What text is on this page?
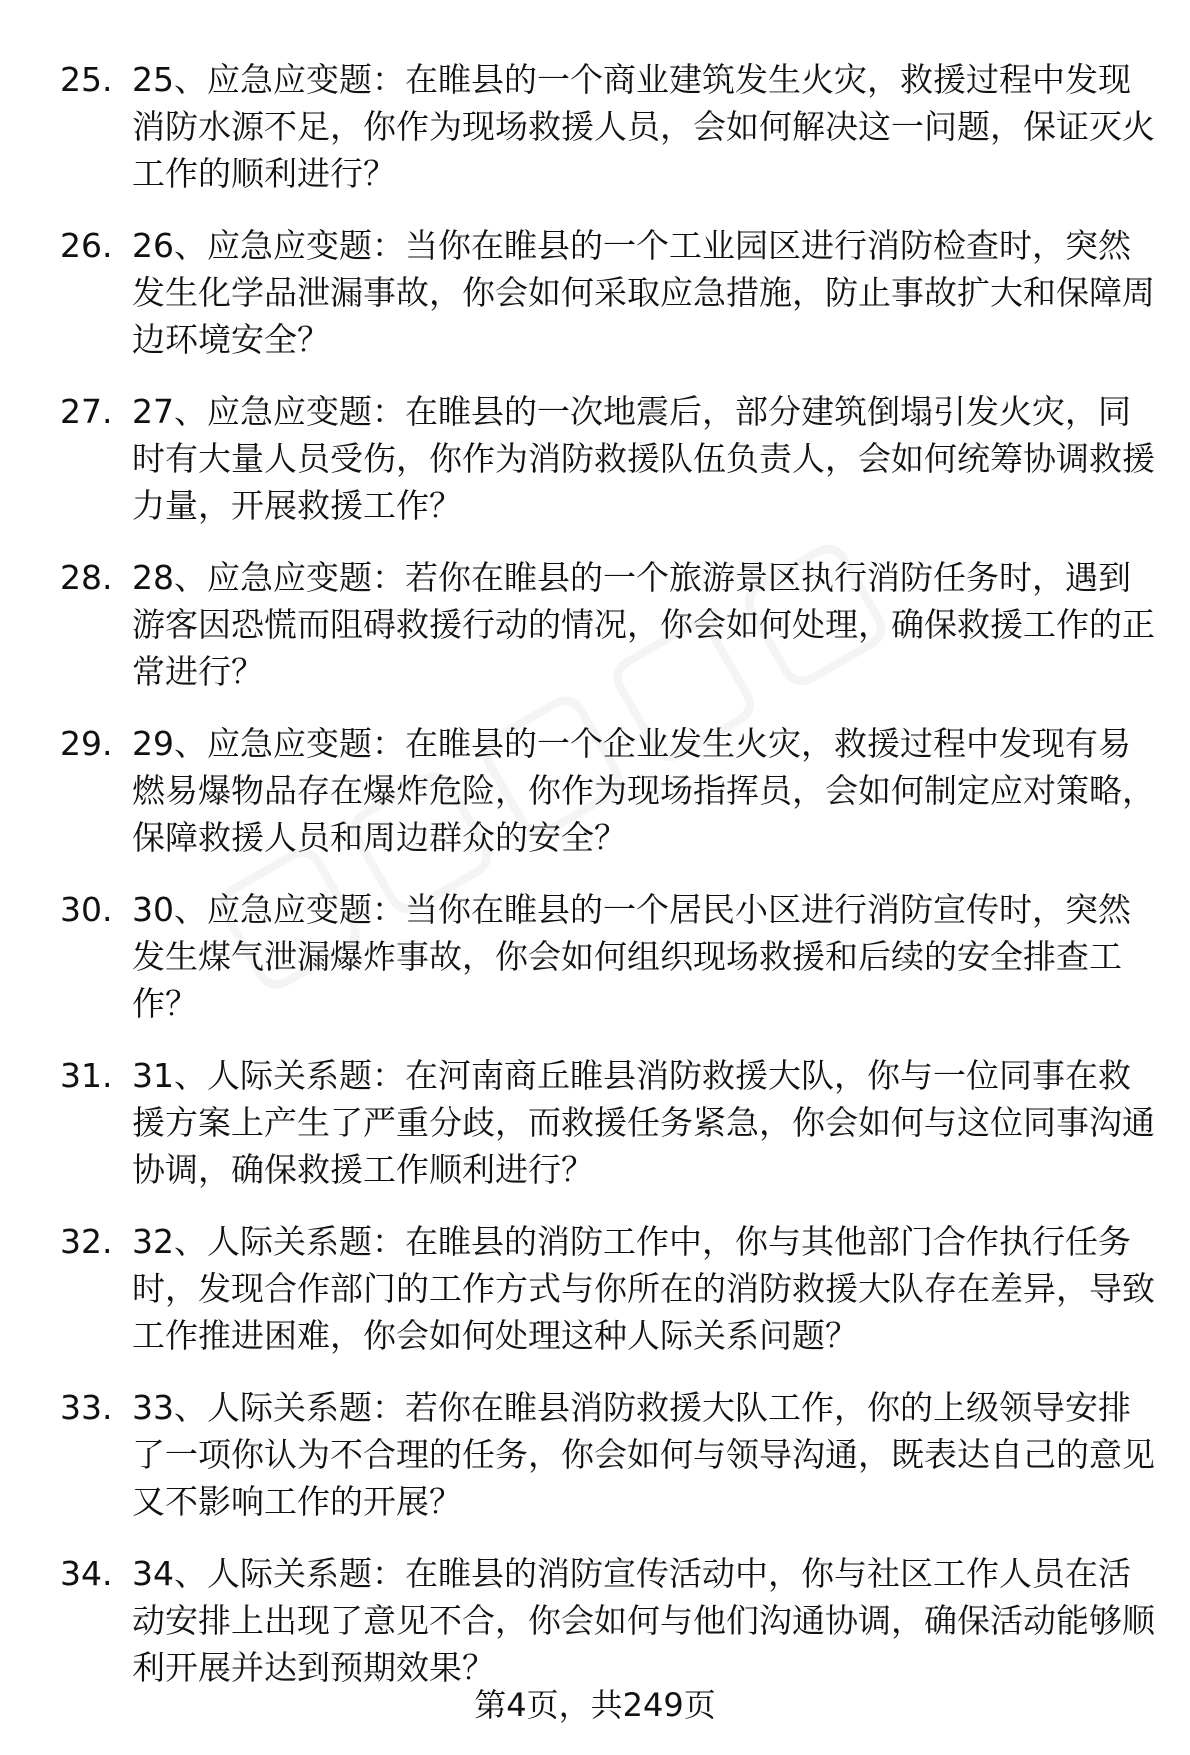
25. 25、应急应变题：在睢县的一个商业建筑发生火灾，救援过程中发现消防水源不足，你作为现场救援人员，会如何解决这一问题，保证灭火工作的顺利进行？
26. 26、应急应变题：当你在睢县的一个工业园区进行消防检查时，突然发生化学品泄漏事故，你会如何采取应急措施，防止事故扩大和保障周边环境安全？
27. 27、应急应变题：在睢县的一次地震后，部分建筑倒塌引发火灾，同时有大量人员受伤，你作为消防救援队伍负责人，会如何统筹协调救援力量，开展救援工作？
28. 28、应急应变题：若你在睢县的一个旅游景区执行消防任务时，遇到游客因恐慌而阻碍救援行动的情况，你会如何处理，确保救援工作的正常进行？
29. 29、应急应变题：在睢县的一个企业发生火灾，救援过程中发现有易燃易爆物品存在爆炸危险，你作为现场指挥员，会如何制定应对策略，保障救援人员和周边群众的安全？
30. 30、应急应变题：当你在睢县的一个居民小区进行消防宣传时，突然发生煤气泄漏爆炸事故，你会如何组织现场救援和后续的安全排查工作？
31. 31、人际关系题：在河南商丘睢县消防救援大队，你与一位同事在救援方案上产生了严重分歧，而救援任务紧急，你会如何与这位同事沟通协调，确保救援工作顺利进行？
32. 32、人际关系题：在睢县的消防工作中，你与其他部门合作执行任务时，发现合作部门的工作方式与你所在的消防救援大队存在差异，导致工作推进困难，你会如何处理这种人际关系问题？
33. 33、人际关系题：若你在睢县消防救援大队工作，你的上级领导安排了一项你认为不合理的任务，你会如何与领导沟通，既表达自己的意见又不影响工作的开展？
34. 34、人际关系题：在睢县的消防宣传活动中，你与社区工作人员在活动安排上出现了意见不合，你会如何与他们沟通协调，确保活动能够顺利开展并达到预期效果？
第4页，共249页
